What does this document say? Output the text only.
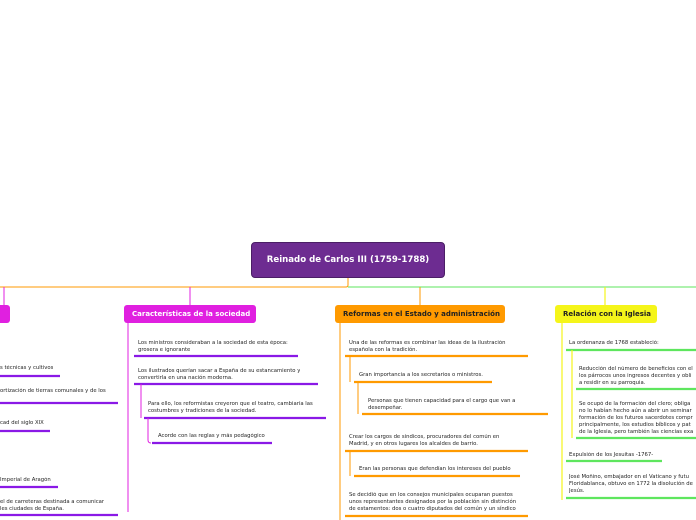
Reinado de Carlos III (1759-1788)
Características de la sociedad	Reformas en el Estado y administración	Relación con la Iglesia
s técnicas y cultivos
ortización de tierras comunales y de los
cad del siglo XIX
Imperial de Aragón
el de carreteras destinada a comunicar
les ciudades de España.
Los ministros consideraban a la sociedad de esta época:
grosera e ignorante
Los ilustrados querían sacar a España de su estancamiento y
convertirla en una nación moderna.
Para ello, los reformistas creyeron que el teatro, cambiaría las
costumbres y tradiciones de la sociedad.
Acorde con las reglas y más pedagógico
Una de las reformas es combinar las ideas de la ilustración
española con la tradición.
Gran importancia a los secretarios o ministros.
Personas que tienen capacidad para el cargo que van a
desempeñar.
Crear los cargos de síndicos, procuradores del común en
Madrid, y en otros lugares los alcaldes de barrio.
Eran las personas que defendían los intereses del pueblo
Se decidió que en los consejos municipales ocuparan puestos
unos representantes designados por la población sin distinción
de estamentos: dos o cuatro diputados del común y un síndico
La ordenanza de 1768 estableció:
Reducción del número de beneficios con el
los párrocos unos ingresos decentes y obli
a residir en su parroquia.
Se ocupó de la formación del clero; obliga
no lo habían hecho aún a abrir un seminar
formación de los futuros sacerdotes compr
principalmente, los estudios bíblicos y pat
de la Iglesia, pero también las ciencias exa
Expulsión de los Jesuitas -1767-
José Moñino, embajador en el Vaticano y futu
Floridablanca, obtuvo en 1772 la disolución de
Jesús.
